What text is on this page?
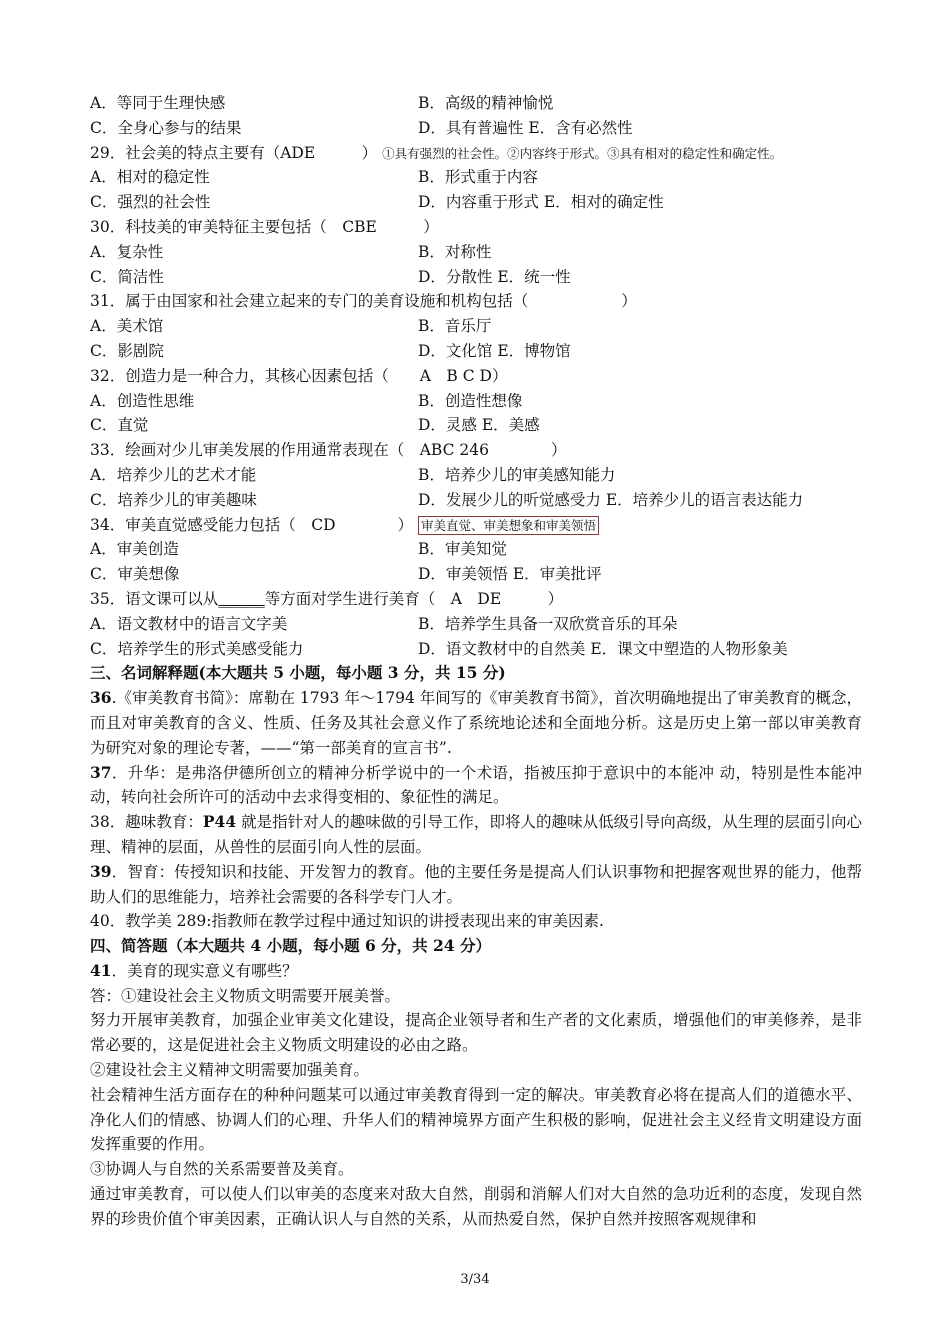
A．等同于生理快感	B．高级的精神愉悦
C．全身心参与的结果	D．具有普遍性 E．含有必然性
29．社会美的特点主要有（ADE　　　） ①具有强烈的社会性。②内容终于形式。③具有相对的稳定性和确定性。
A．相对的稳定性	B．形式重于内容
C．强烈的社会性	D．内容重于形式 E．相对的确定性
30．科技美的审美特征主要包括（　CBE　　　）
A．复杂性	B．对称性
C．简洁性	D．分散性 E．统一性
31．属于由国家和社会建立起来的专门的美育设施和机构包括（　　　　　　）
A．美术馆	B．音乐厅
C．影剧院	D．文化馆 E．博物馆
32．创造力是一种合力，其核心因素包括（　　A　B C D）
A．创造性思维	B．创造性想像
C．直觉	D．灵感 E．美感
33．绘画对少儿审美发展的作用通常表现在（　ABC 246　　　　）
A．培养少儿的艺术才能	B．培养少儿的审美感知能力
C．培养少儿的审美趣味	D．发展少儿的听觉感受力 E．培养少儿的语言表达能力
34．审美直觉感受能力包括（　CD　　　　） 审美直觉、审美想象和审美领悟
A．审美创造	B．审美知觉
C．审美想像	D．审美领悟 E．审美批评
35．语文课可以从______等方面对学生进行美育（　A　DE　　　）
A．语文教材中的语言文字美	B．培养学生具备一双欣赏音乐的耳朵
C．培养学生的形式美感受能力	D．语文教材中的自然美 E．课文中塑造的人物形象美
三、名词解释题(本大题共 5 小题，每小题 3 分，共 15 分)
36.《审美教育书简》：席勒在 1793 年～1794 年间写的《审美教育书简》，首次明确地提出了审美教育的概念，而且对审美教育的含义、性质、任务及其社会意义作了系统地论述和全面地分析。这是历史上第一部以审美教育为研究对象的理论专著，——“第一部美育的宣言书”.
37．升华：是弗洛伊德所创立的精神分析学说中的一个术语，指被压抑于意识中的本能冲 动，特别是性本能冲动，转向社会所许可的活动中去求得变相的、象征性的满足。
38．趣味教育：P44 就是指针对人的趣味做的引导工作，即将人的趣味从低级引导向高级，从生理的层面引向心理、精神的层面，从兽性的层面引向人性的层面。
39．智育：传授知识和技能、开发智力的教育。他的主要任务是提高人们认识事物和把握客观世界的能力，他帮助人们的思维能力，培养社会需要的各科学专门人才。
40．教学美 289:指教师在教学过程中通过知识的讲授表现出来的审美因素.
四、简答题（本大题共 4 小题，每小题 6 分，共 24 分）
41．美育的现实意义有哪些？
答：①建设社会主义物质文明需要开展美誉。
努力开展审美教育，加强企业审美文化建设，提高企业领导者和生产者的文化素质，增强他们的审美修养，是非常必要的，这是促进社会主义物质文明建设的必由之路。
②建设社会主义精神文明需要加强美育。
社会精神生活方面存在的种种问题某可以通过审美教育得到一定的解决。审美教育必将在提高人们的道德水平、净化人们的情感、协调人们的心理、升华人们的精神境界方面产生积极的影响，促进社会主义经肯文明建设方面发挥重要的作用。
③协调人与自然的关系需要普及美育。
通过审美教育，可以使人们以审美的态度来对敌大自然，削弱和消解人们对大自然的急功近利的态度，发现自然界的珍贵价值个审美因素，正确认识人与自然的关系，从而热爱自然，保护自然并按照客观规律和
3/34
